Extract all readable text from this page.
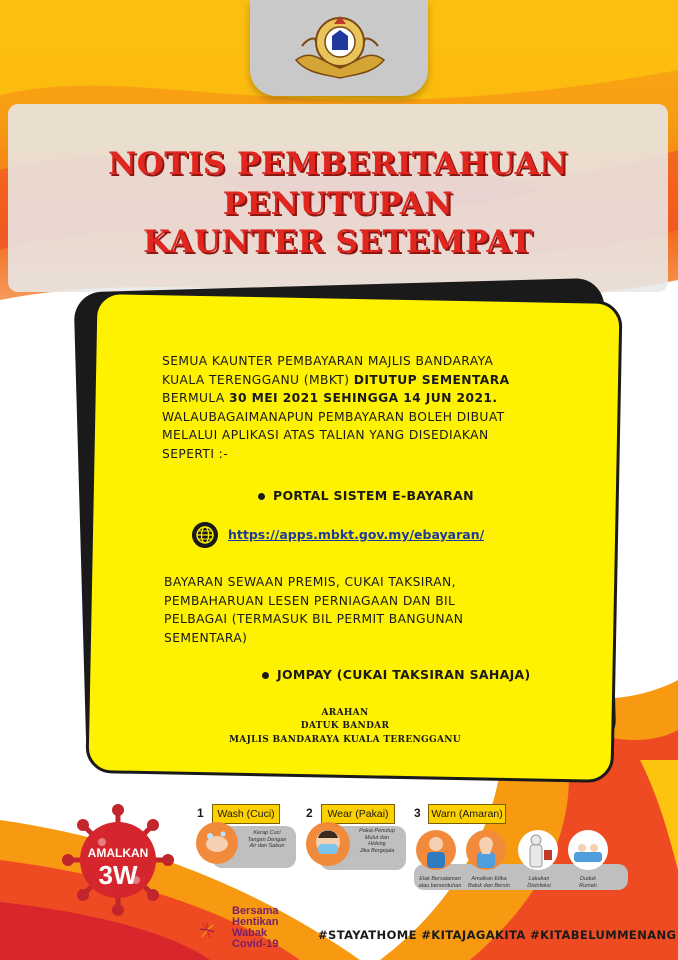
NOTIS PEMBERITAHUAN
PENUTUPAN
KAUNTER SETEMPAT
SEMUA KAUNTER PEMBAYARAN MAJLIS BANDARAYA
KUALA TERENGGANU (MBKT) DITUTUP SEMENTARA
BERMULA 30 MEI 2021 SEHINGGA 14 JUN 2021.
WALAUBAGAIMANAPUN PEMBAYARAN BOLEH DIBUAT
MELALUI APLIKASI ATAS TALIAN YANG DISEDIAKAN
SEPERTI :-
PORTAL SISTEM E-BAYARAN
https://apps.mbkt.gov.my/ebayaran/
BAYARAN SEWAAN PREMIS, CUKAI TAKSIRAN,
PEMBAHARUAN LESEN PERNIAGAAN DAN BIL
PELBAGAI (TERMASUK BIL PERMIT BANGUNAN
SEMENTARA)
JOMPAY (CUKAI TAKSIRAN SAHAJA)
ARAHAN
DATUK BANDAR
MAJLIS BANDARAYA KUALA TERENGGANU
AMALKAN
3W
1	Wash (Cuci)
Kerap Cuci
Tangan Dengan
Air dan Sabun
2	Wear (Pakai)
Pakai Penutup
Mulut dan
Hidung
Jika Bergejala
3	Warn (Amaran)
Elak Bersalaman
atau bersentuhan
Amalkan Etika
Batuk dan Bersin
Lakukan
Disinfeksi
Duduk
Rumah
Bersama
Hentikan
Wabak
Covid-19
#STAYATHOME #KITAJAGAKITA #KITABELUMMENANG
